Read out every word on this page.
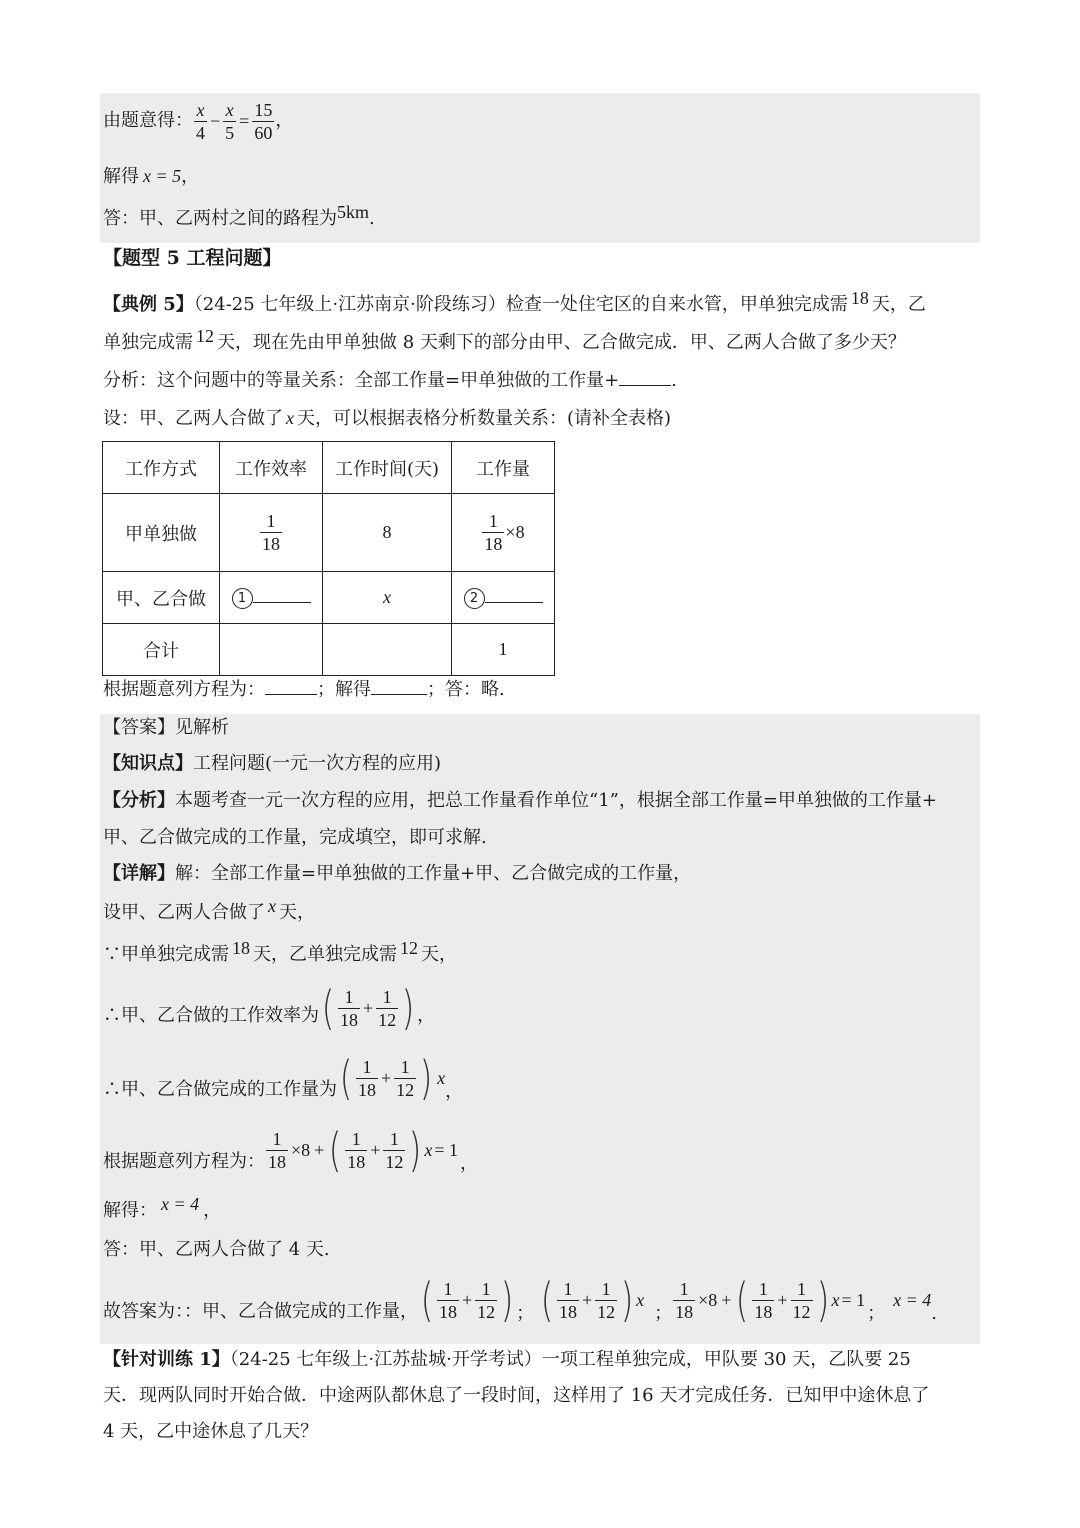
由题意得： $\frac{x}{4} - \frac{x}{5} = \frac{15}{60}$ ，
解得 x = 5，
答：甲、乙两村之间的路程为5km.
【题型 5 工程问题】
【典例 5】（24-25 七年级上·江苏南京·阶段练习）检查一处住宅区的自来水管，甲单独完成需 18 天，乙
单独完成需 12 天，现在先由甲单独做 8 天剩下的部分由甲、乙合做完成．甲、乙两人合做了多少天？
分析：这个问题中的等量关系：全部工作量=甲单独做的工作量+	.
设：甲、乙两人合做了 x 天，可以根据表格分析数量关系：(请补全表格)
工作方式	工作效率	工作时间(天)	工作量
甲单独做	$\frac{1}{18}$	8	$\frac{1}{18} \times 8$
甲、乙合做	1	x	2
合计			1
根据题意列方程为：	；解得	；答：略.
【答案】见解析
【知识点】工程问题(一元一次方程的应用)
【分析】本题考查一元一次方程的应用，把总工作量看作单位“1”，根据全部工作量=甲单独做的工作量+
甲、乙合做完成的工作量，完成填空，即可求解.
【详解】解：全部工作量=甲单独做的工作量+甲、乙合做完成的工作量，
设甲、乙两人合做了 x 天，
∵甲单独完成需 18 天，乙单独完成需 12 天，
∴甲、乙合做的工作效率为 ( $\frac{1}{18} + \frac{1}{12}$ ) ，
∴甲、乙合做完成的工作量为 ( $\frac{1}{18} + \frac{1}{12}$ ) x
，
根据题意列方程为： $\frac{1}{18} \times 8$ + ( $\frac{1}{18} + \frac{1}{12}$ ) x = 1，
解得： x = 4 ，
答：甲、乙两人合做了 4 天.
故答案为：：甲、乙合做完成的工作量， ( $\frac{1}{18} + \frac{1}{12}$ ) ； ( $\frac{1}{18} + \frac{1}{12}$ ) x
； $\frac{1}{18} \times 8$ + ( $\frac{1}{18} + \frac{1}{12}$ ) x = 1；x = 4.
【针对训练 1】（24-25 七年级上·江苏盐城·开学考试）一项工程单独完成，甲队要 30 天，乙队要 25
天．现两队同时开始合做．中途两队都休息了一段时间，这样用了 16 天才完成任务．已知甲中途休息了
4 天，乙中途休息了几天？
